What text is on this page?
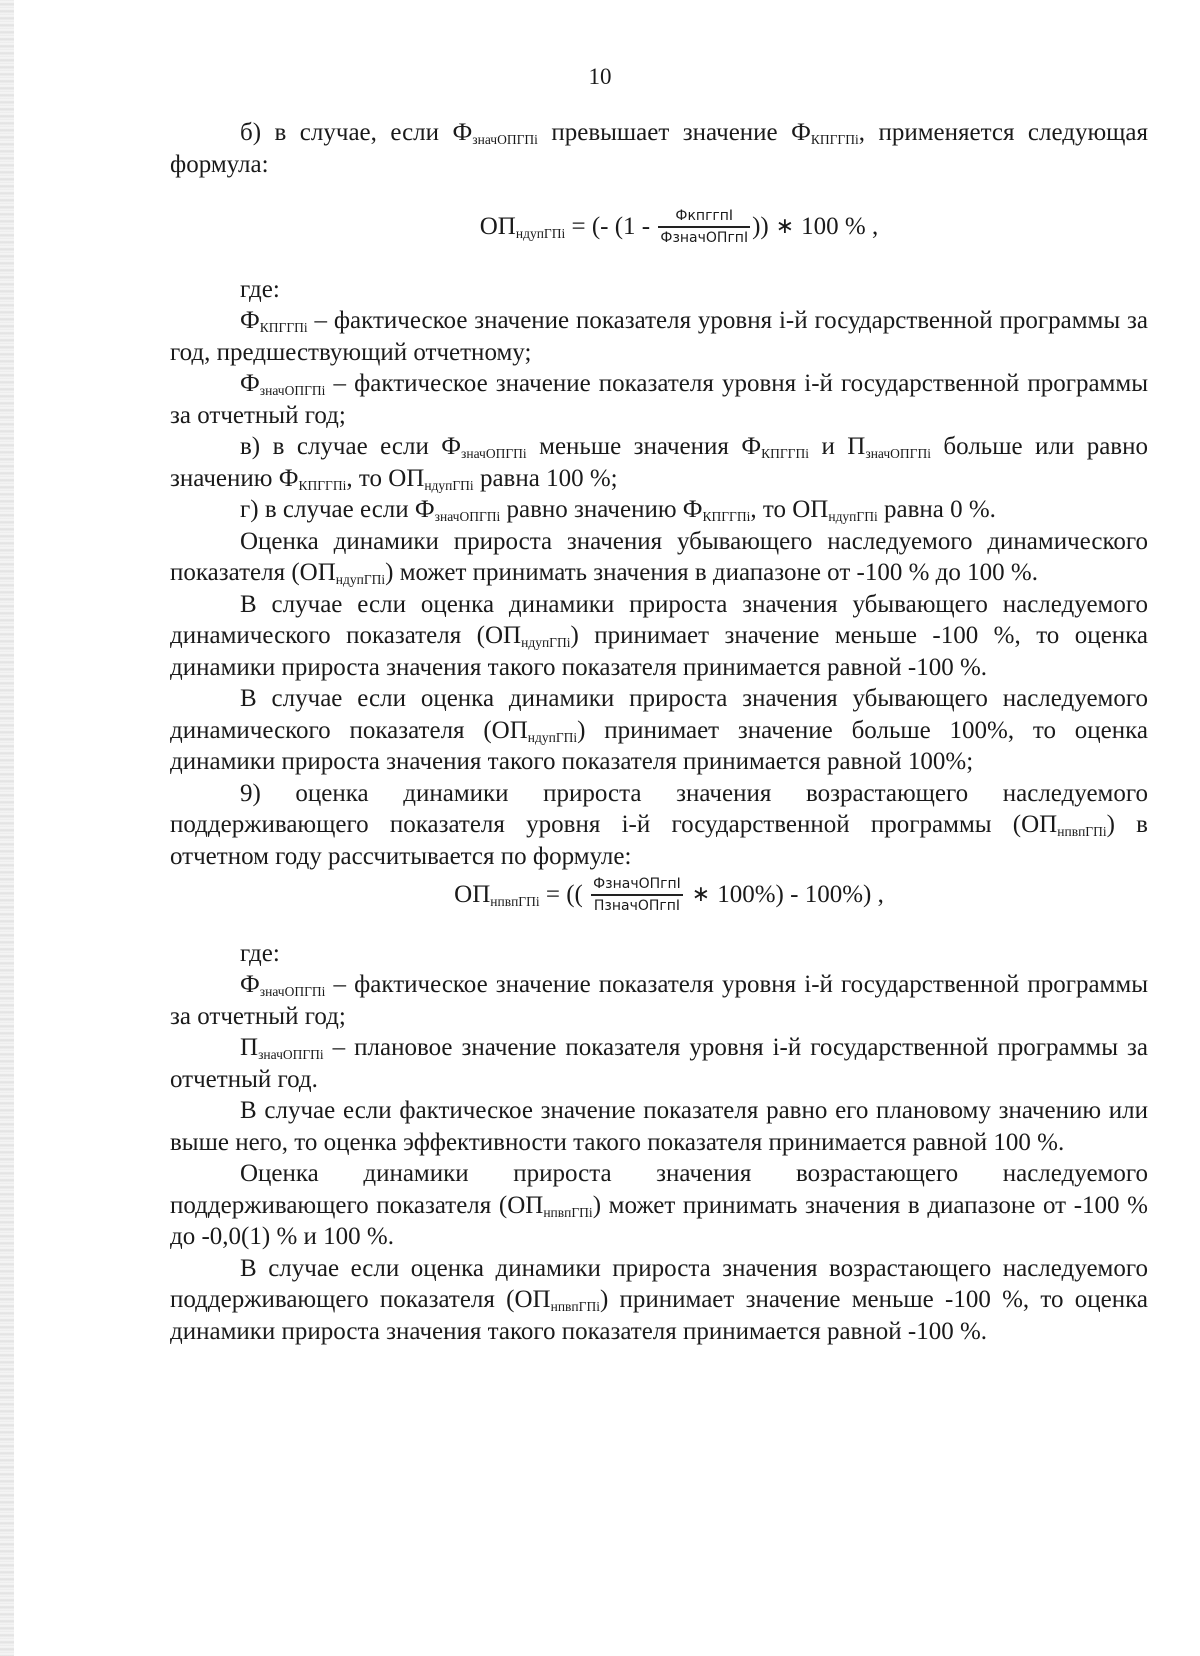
10

б) в случае, если $Ф_{значОПГПi}$ превышает значение $Ф_{КПГГПi}$, применяется следующая формула:

$ОП_{ндупГПi}$ = (- ($1 - \frac{\text{ФкпггпI}}{\text{ФзначОПгпI}}$ )) ∗ 100 % ,

где:

$Ф_{КПГГПi}$ – фактическое значение показателя уровня i-й государственной программы за год, предшествующий отчетному;

$Ф_{значОПГПi}$ – фактическое значение показателя уровня i-й государственной программы за отчетный год;

в) в случае если $Ф_{значОПГПi}$ меньше значения $Ф_{КПГГПi}$ и $П_{значОПГПi}$ больше или равно значению $Ф_{КПГГПi}$, то $ОП_{ндупГПi}$ равна 100 %;

г) в случае если $Ф_{значОПГПi}$ равно значению $Ф_{КПГГПi}$, то $ОП_{ндупГПi}$ равна 0 %.

Оценка динамики прироста значения убывающего наследуемого динамического показателя $(ОП_{ндупГПi})$ может принимать значения в диапазоне от -100 % до 100 %.

В случае если оценка динамики прироста значения убывающего наследуемого динамического показателя $(ОП_{ндупГПi})$ принимает значение меньше -100 %, то оценка динамики прироста значения такого показателя принимается равной -100 %.

В случае если оценка динамики прироста значения убывающего наследуемого динамического показателя $(ОП_{ндупГПi})$ принимает значение больше 100%, то оценка динамики прироста значения такого показателя принимается равной 100%;

9) оценка динамики прироста значения возрастающего наследуемого поддерживающего показателя уровня i-й государственной программы $(ОП_{нпвпГПi})$ в отчетном году рассчитывается по формуле:

$ОП_{нпвпГПi}$ = (( $\frac{\text{ФзначОПгпI}}{\text{ПзначОПгпI}}$ ∗ 100%) - 100%) ,

где:

$Ф_{значОПГПi}$ – фактическое значение показателя уровня i-й государственной программы за отчетный год;

$П_{значОПГПi}$ – плановое значение показателя уровня i-й государственной программы за отчетный год.

В случае если фактическое значение показателя равно его плановому значению или выше него, то оценка эффективности такого показателя принимается равной 100 %.

Оценка динамики прироста значения возрастающего наследуемого поддерживающего показателя $(ОП_{нпвпГПi})$ может принимать значения в диапазоне от -100 % до -0,0(1) % и 100 %.

В случае если оценка динамики прироста значения возрастающего наследуемого поддерживающего показателя $(ОП_{нпвпГПi})$ принимает значение меньше -100 %, то оценка динамики прироста значения такого показателя принимается равной -100 %.
